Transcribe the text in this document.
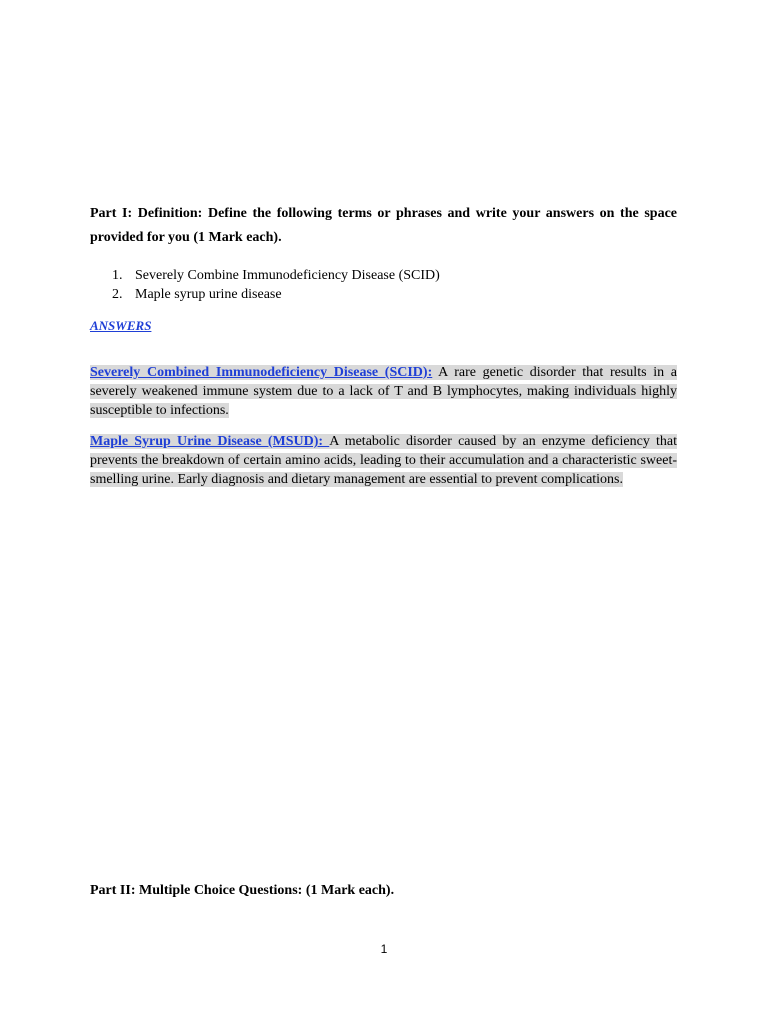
Part I: Definition: Define the following terms or phrases and write your answers on the space provided for you (1 Mark each).
1. Severely Combine Immunodeficiency Disease (SCID)
2. Maple syrup urine disease
ANSWERS

Severely Combined Immunodeficiency Disease (SCID): A rare genetic disorder that results in a severely weakened immune system due to a lack of T and B lymphocytes, making individuals highly susceptible to infections.

Maple Syrup Urine Disease (MSUD): A metabolic disorder caused by an enzyme deficiency that prevents the breakdown of certain amino acids, leading to their accumulation and a characteristic sweet-smelling urine. Early diagnosis and dietary management are essential to prevent complications.

Part II: Multiple Choice Questions: (1 Mark each).
1
